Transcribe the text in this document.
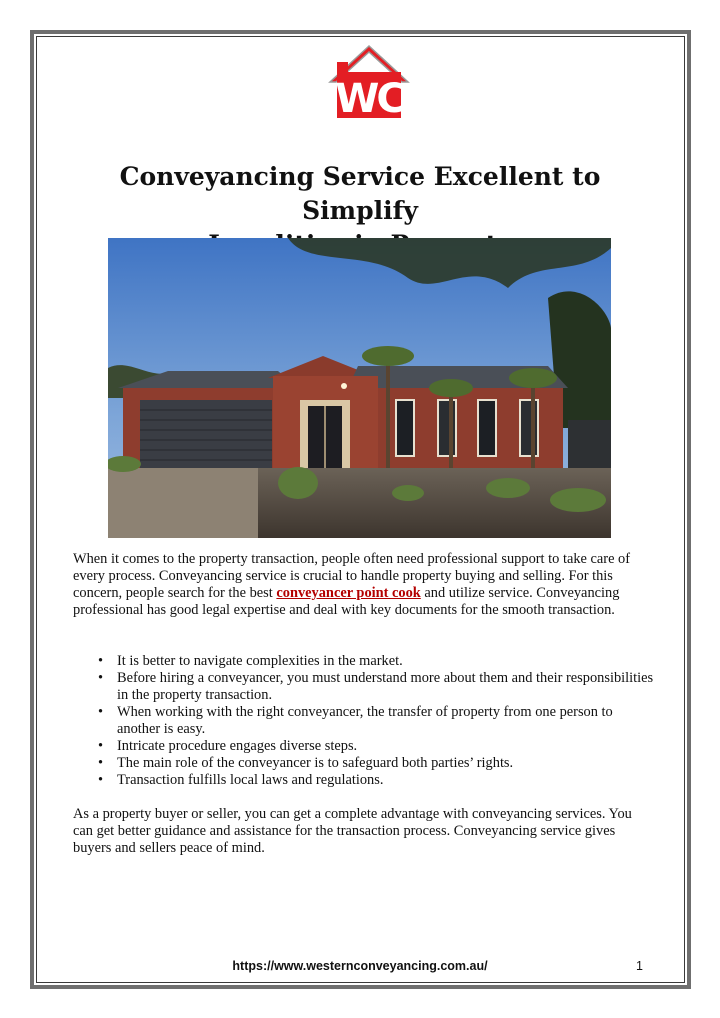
WC
Conveyancing Service Excellent to Simplify

When it comes to the property transaction, people often need professional support to take care of every process. Conveyancing service is crucial to handle property buying and selling. For this concern, people search for the best conveyancer point cook and utilize service. Conveyancing professional has good legal expertise and deal with key documents for the smooth transaction.

• It is better to navigate complexities in the market.
• Before hiring a conveyancer, you must understand more about them and their responsibilities in the property transaction.
• When working with the right conveyancer, the transfer of property from one person to another is easy.
• Intricate procedure engages diverse steps.
• The main role of the conveyancer is to safeguard both parties’ rights.
• Transaction fulfills local laws and regulations.

As a property buyer or seller, you can get a complete advantage with conveyancing services. You can get better guidance and assistance for the transaction process. Conveyancing service gives buyers and sellers peace of mind.

https://www.westernconveyancing.com.au/	1
